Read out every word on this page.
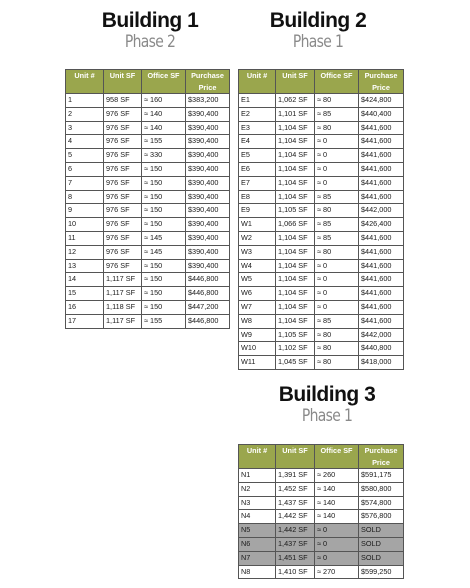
Building 1
Phase 2
Unit #	Unit SF	Office SF	Purchase Price
1	958 SF	≈ 160	$383,200
2	976 SF	≈ 140	$390,400
3	976 SF	≈ 140	$390,400
4	976 SF	≈ 155	$390,400
5	976 SF	≈ 330	$390,400
6	976 SF	≈ 150	$390,400
7	976 SF	≈ 150	$390,400
8	976 SF	≈ 150	$390,400
9	976 SF	≈ 150	$390,400
10	976 SF	≈ 150	$390,400
11	976 SF	≈ 145	$390,400
12	976 SF	≈ 145	$390,400
13	976 SF	≈ 150	$390,400
14	1,117 SF	≈ 150	$446,800
15	1,117 SF	≈ 150	$446,800
16	1,118 SF	≈ 150	$447,200
17	1,117 SF	≈ 155	$446,800
Building 2
Phase 1
Unit #	Unit SF	Office SF	Purchase Price
E1	1,062 SF	≈ 80	$424,800
E2	1,101 SF	≈ 85	$440,400
E3	1,104 SF	≈ 80	$441,600
E4	1,104 SF	≈ 0	$441,600
E5	1,104 SF	≈ 0	$441,600
E6	1,104 SF	≈ 0	$441,600
E7	1,104 SF	≈ 0	$441,600
E8	1,104 SF	≈ 85	$441,600
E9	1,105 SF	≈ 80	$442,000
W1	1,066 SF	≈ 85	$426,400
W2	1,104 SF	≈ 85	$441,600
W3	1,104 SF	≈ 80	$441,600
W4	1,104 SF	≈ 0	$441,600
W5	1,104 SF	≈ 0	$441,600
W6	1,104 SF	≈ 0	$441,600
W7	1,104 SF	≈ 0	$441,600
W8	1,104 SF	≈ 85	$441,600
W9	1,105 SF	≈ 80	$442,000
W10	1,102 SF	≈ 80	$440,800
W11	1,045 SF	≈ 80	$418,000
Building 3
Phase 1
Unit #	Unit SF	Office SF	Purchase Price
N1	1,391 SF	≈ 260	$591,175
N2	1,452 SF	≈ 140	$580,800
N3	1,437 SF	≈ 140	$574,800
N4	1,442 SF	≈ 140	$576,800
N5	1,442 SF	≈ 0	SOLD
N6	1,437 SF	≈ 0	SOLD
N7	1,451 SF	≈ 0	SOLD
N8	1,410 SF	≈ 270	$599,250
